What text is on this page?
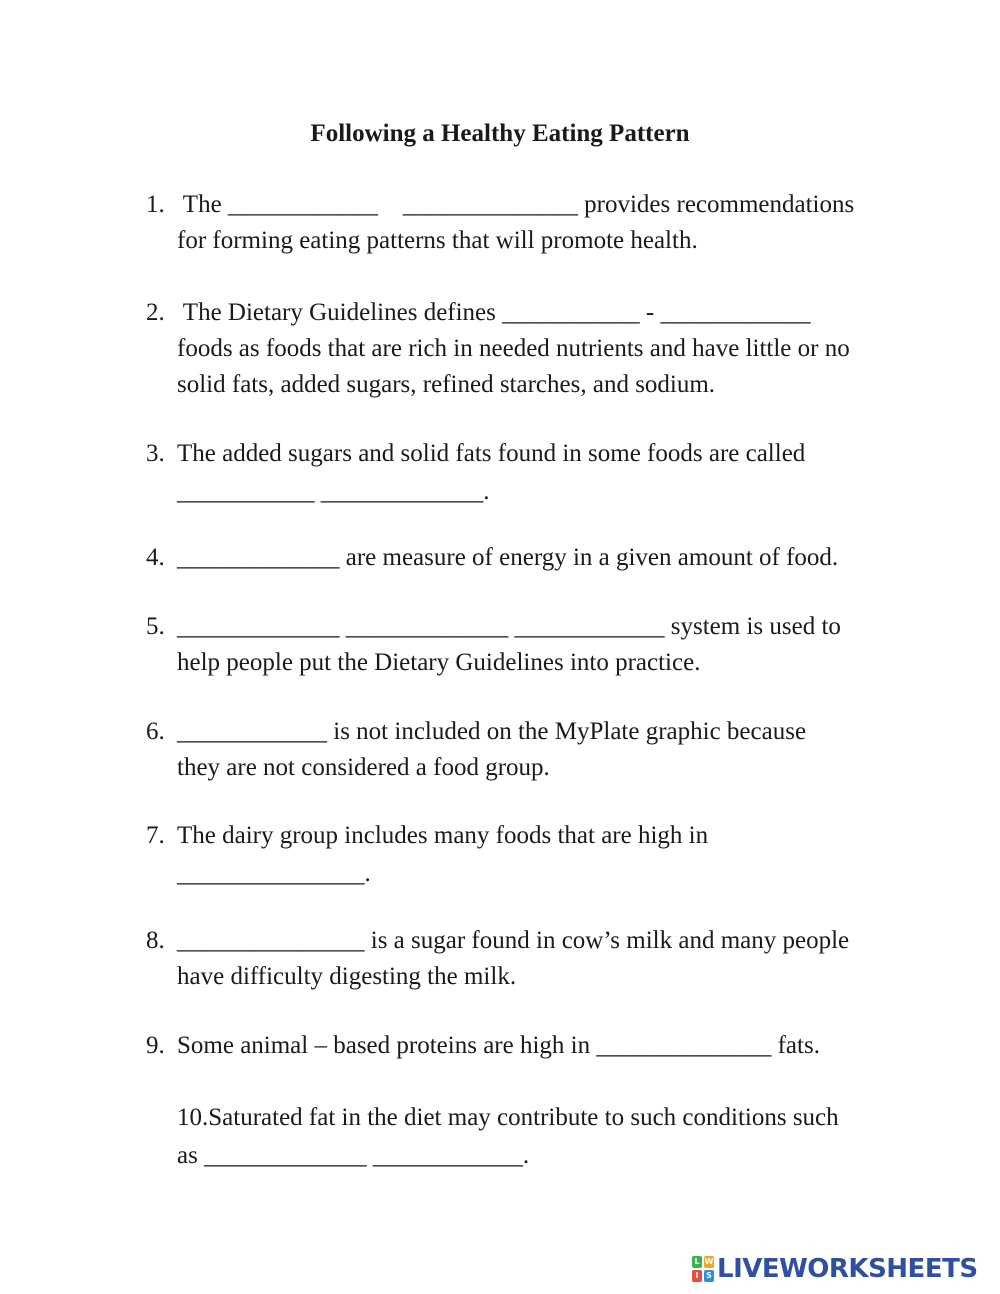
Following a Healthy Eating Pattern
1. The ____________    ______________ provides recommendations
for forming eating patterns that will promote health.
2. The Dietary Guidelines defines ___________ - ____________
foods as foods that are rich in needed nutrients and have little or no
solid fats, added sugars, refined starches, and sodium.
3. The added sugars and solid fats found in some foods are called
___________ _____________.
4. _____________ are measure of energy in a given amount of food.
5. _____________ _____________ ____________ system is used to
help people put the Dietary Guidelines into practice.
6. ____________ is not included on the MyPlate graphic because
they are not considered a food group.
7. The dairy group includes many foods that are high in
_______________.
8. _______________ is a sugar found in cow’s milk and many people
have difficulty digesting the milk.
9. Some animal – based proteins are high in ______________ fats.
10.Saturated fat in the diet may contribute to such conditions such
as _____________ ____________.
L W
I S LIVEWORKSHEETS
